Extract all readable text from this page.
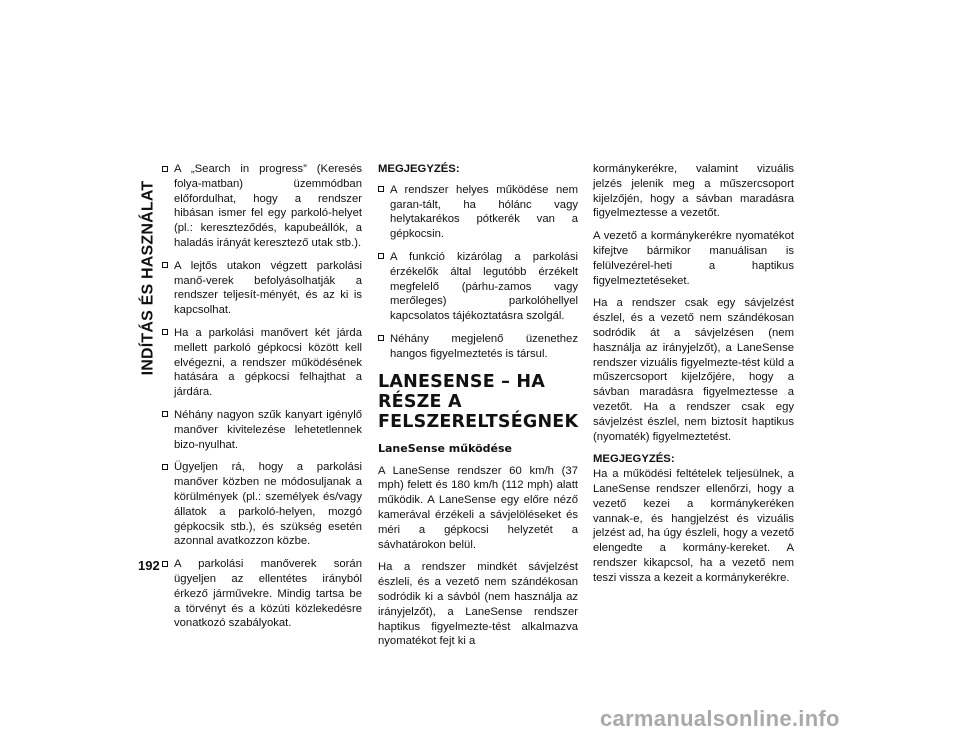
INDÍTÁS ÉS HASZNÁLAT
192
A „Search in progress” (Keresés folya-matban) üzemmódban előfordulhat, hogy a rendszer hibásan ismer fel egy parkoló-helyet (pl.: kereszteződés, kapubeállók, a haladás irányát keresztező utak stb.).
A lejtős utakon végzett parkolási manő-verek befolyásolhatják a rendszer teljesít-ményét, és az ki is kapcsolhat.
Ha a parkolási manővert két járda mellett parkoló gépkocsi között kell elvégezni, a rendszer működésének hatására a gépkocsi felhajthat a járdára.
Néhány nagyon szűk kanyart igénylő manőver kivitelezése lehetetlennek bizo-nyulhat.
Ügyeljen rá, hogy a parkolási manőver közben ne módosuljanak a körülmények (pl.: személyek és/vagy állatok a parkoló-helyen, mozgó gépkocsik stb.), és szükség esetén azonnal avatkozzon közbe.
A parkolási manőverek során ügyeljen az ellentétes irányból érkező járművekre. Mindig tartsa be a törvényt és a közúti közlekedésre vonatkozó szabályokat.
MEGJEGYZÉS:
A rendszer helyes működése nem garan-tált, ha hólánc vagy helytakarékos pótkerék van a gépkocsin.
A funkció kizárólag a parkolási érzékelők által legutóbb érzékelt megfelelő (párhu-zamos vagy merőleges) parkolóhellyel kapcsolatos tájékoztatásra szolgál.
Néhány megjelenő üzenethez hangos figyelmeztetés is társul.
LANESENSE – HA RÉSZE A FELSZERELTSÉGNEK
LaneSense működése

A LaneSense rendszer 60 km/h (37 mph) felett és 180 km/h (112 mph) alatt működik. A LaneSense egy előre néző kamerával érzékeli a sávjelöléseket és méri a gépkocsi helyzetét a sávhatárokon belül.

Ha a rendszer mindkét sávjelzést észleli, és a vezető nem szándékosan sodródik ki a sávból (nem használja az irányjelzőt), a LaneSense rendszer haptikus figyelmezte-tést alkalmazva nyomatékot fejt ki a

kormánykerékre, valamint vizuális jelzés jelenik meg a műszercsoport kijelzőjén, hogy a sávban maradásra figyelmeztesse a vezetőt.

A vezető a kormánykerékre nyomatékot kifejtve bármikor manuálisan is felülvezérel-heti a haptikus figyelmeztetéseket.

Ha a rendszer csak egy sávjelzést észlel, és a vezető nem szándékosan sodródik át a sávjelzésen (nem használja az irányjelzőt), a LaneSense rendszer vizuális figyelmezte-tést küld a műszercsoport kijelzőjére, hogy a sávban maradásra figyelmeztesse a vezetőt. Ha a rendszer csak egy sávjelzést észlel, nem biztosít haptikus (nyomaték) figyelmeztetést.

MEGJEGYZÉS:

Ha a működési feltételek teljesülnek, a LaneSense rendszer ellenőrzi, hogy a vezető kezei a kormánykeréken vannak-e, és hangjelzést és vizuális jelzést ad, ha úgy észleli, hogy a vezető elengedte a kormány-kereket. A rendszer kikapcsol, ha a vezető nem teszi vissza a kezeit a kormánykerékre.

carmanualsonline.info
